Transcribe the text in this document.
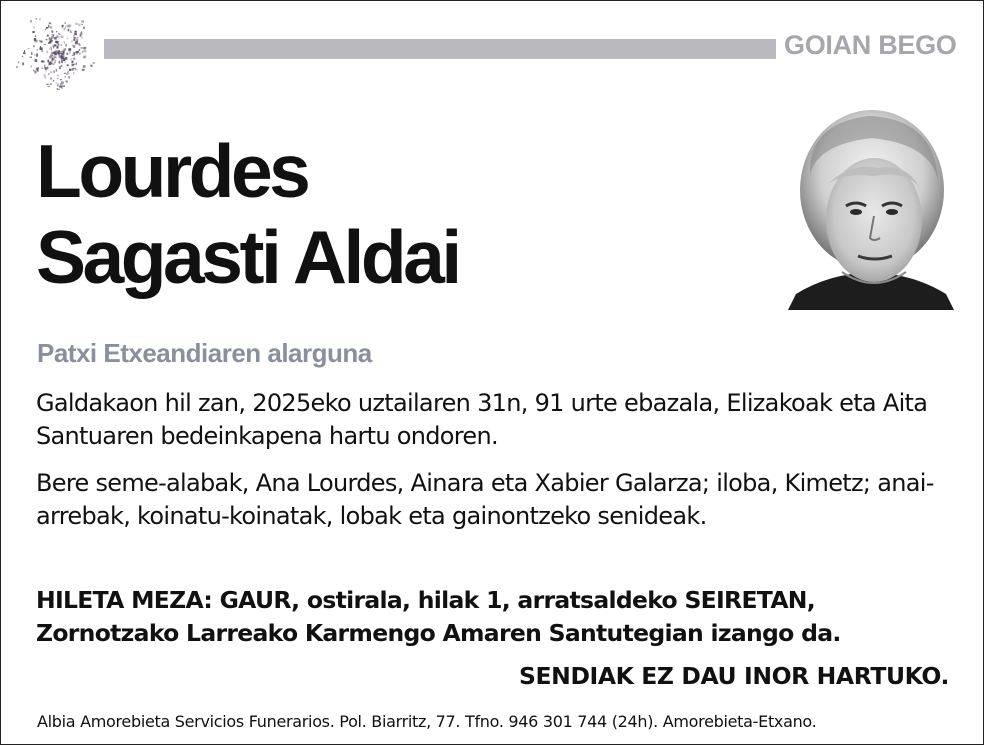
GOIAN BEGO
Lourdes
Sagasti Aldai
Patxi Etxeandiaren alarguna
Galdakaon hil zan, 2025eko uztailaren 31n, 91 urte ebazala, Elizakoak eta Aita Santuaren bedeinkapena hartu ondoren.
Bere seme-alabak, Ana Lourdes, Ainara eta Xabier Galarza; iloba, Kimetz; anai-arrebak, koinatu-koinatak, lobak eta gainontzeko senideak.
HILETA MEZA: GAUR, ostirala, hilak 1, arratsaldeko SEIRETAN, Zornotzako Larreako Karmengo Amaren Santutegian izango da.
SENDIAK EZ DAU INOR HARTUKO.
Albia Amorebieta Servicios Funerarios. Pol. Biarritz, 77. Tfno. 946 301 744 (24h). Amorebieta-Etxano.
